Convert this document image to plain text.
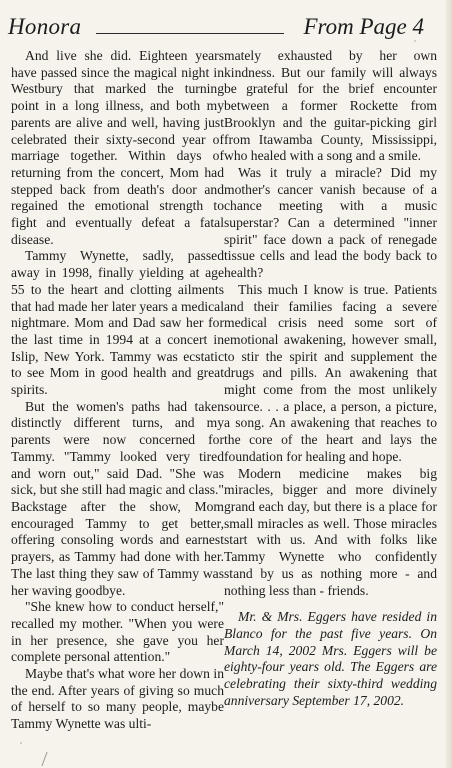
Honora	From Page 4

And live she did. Eighteen years have passed since the magical night in Westbury that marked the turning point in a long illness, and both my parents are alive and well, having just celebrated their sixty-second year of marriage together. Within days of returning from the concert, Mom had stepped back from death's door and regained the emotional strength to fight and eventually defeat a fatal disease.

Tammy Wynette, sadly, passed away in 1998, finally yielding at age 55 to the heart and clotting ailments that had made her later years a medical nightmare. Mom and Dad saw her for the last time in 1994 at a concert in Islip, New York. Tammy was ecstatic to see Mom in good health and great spirits.

But the women's paths had taken distinctly different turns, and my parents were now concerned for Tammy. "Tammy looked very tired and worn out," said Dad. "She was sick, but she still had magic and class." Backstage after the show, Mom encouraged Tammy to get better, offering consoling words and earnest prayers, as Tammy had done with her. The last thing they saw of Tammy was her waving goodbye.

"She knew how to conduct herself," recalled my mother. "When you were in her presence, she gave you her complete personal attention."

Maybe that's what wore her down in the end. After years of giving so much of herself to so many people, maybe Tammy Wynette was ulti-

mately exhausted by her own kindness. But our family will always be grateful for the brief encounter between a former Rockette from Brooklyn and the guitar-picking girl from Itawamba County, Mississippi, who healed with a song and a smile.

Was it truly a miracle? Did my mother's cancer vanish because of a chance meeting with a music superstar? Can a determined "inner spirit" face down a pack of renegade tissue cells and lead the body back to health?

This much I know is true. Patients and their families facing a severe medical crisis need some sort of emotional awakening, however small, to stir the spirit and supplement the drugs and pills. An awakening that might come from the most unlikely source. . . a place, a person, a picture, a song. An awakening that reaches to the core of the heart and lays the foundation for healing and hope.

Modern medicine makes big miracles, bigger and more divinely grand each day, but there is a place for small miracles as well. Those miracles start with us. And with folks like Tammy Wynette who confidently stand by us as nothing more - and nothing less than - friends.

Mr. & Mrs. Eggers have resided in Blanco for the past five years. On March 14, 2002 Mrs. Eggers will be eighty-four years old. The Eggers are celebrating their sixty-third wedding anniversary September 17, 2002.
